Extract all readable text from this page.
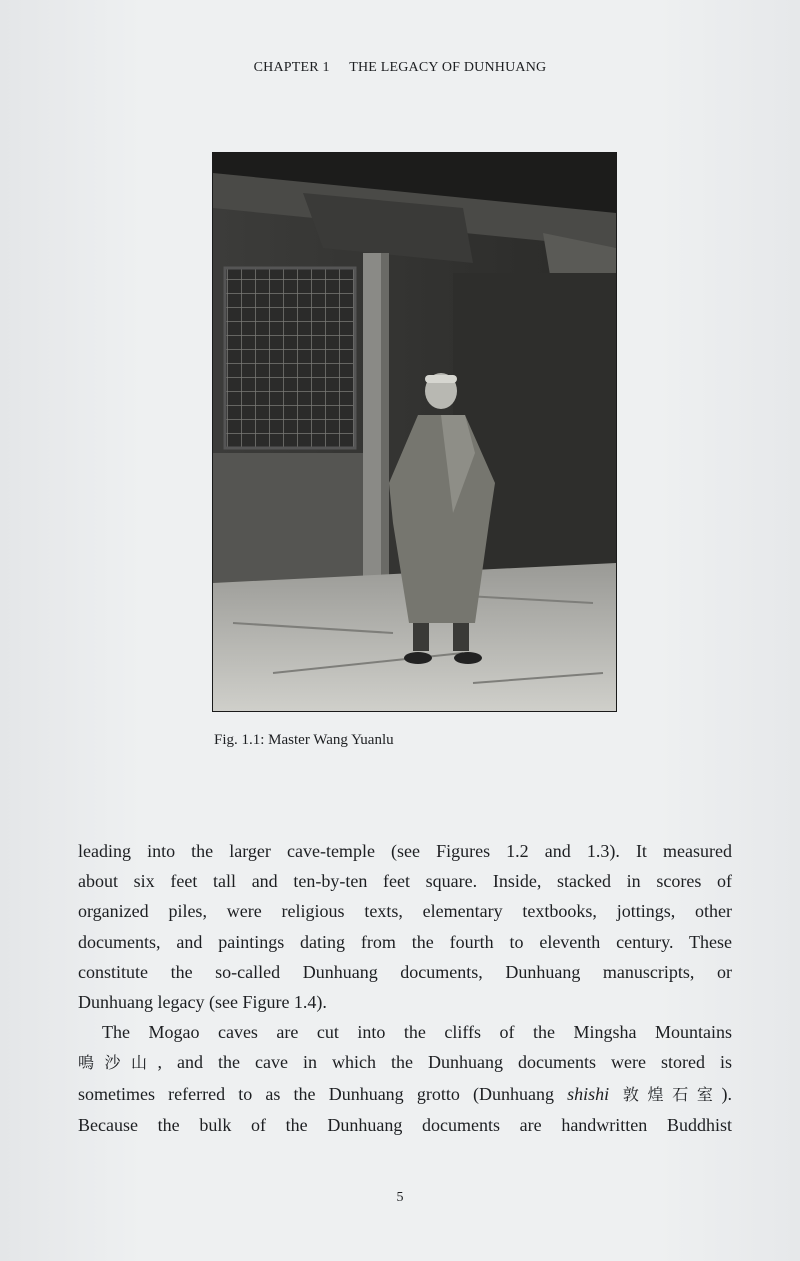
CHAPTER 1 THE LEGACY OF DUNHUANG
Fig. 1.1: Master Wang Yuanlu

leading into the larger cave-temple (see Figures 1.2 and 1.3). It measured
about six feet tall and ten-by-ten feet square. Inside, stacked in scores of
organized piles, were religious texts, elementary textbooks, jottings, other
documents, and paintings dating from the fourth to eleventh century. These
constitute the so-called Dunhuang documents, Dunhuang manuscripts, or
Dunhuang legacy (see Figure 1.4).

The Mogao caves are cut into the cliffs of the Mingsha Mountains
鳴沙山, and the cave in which the Dunhuang documents were stored is
sometimes referred to as the Dunhuang grotto (Dunhuang shishi 敦煌石室).
Because the bulk of the Dunhuang documents are handwritten Buddhist

5
